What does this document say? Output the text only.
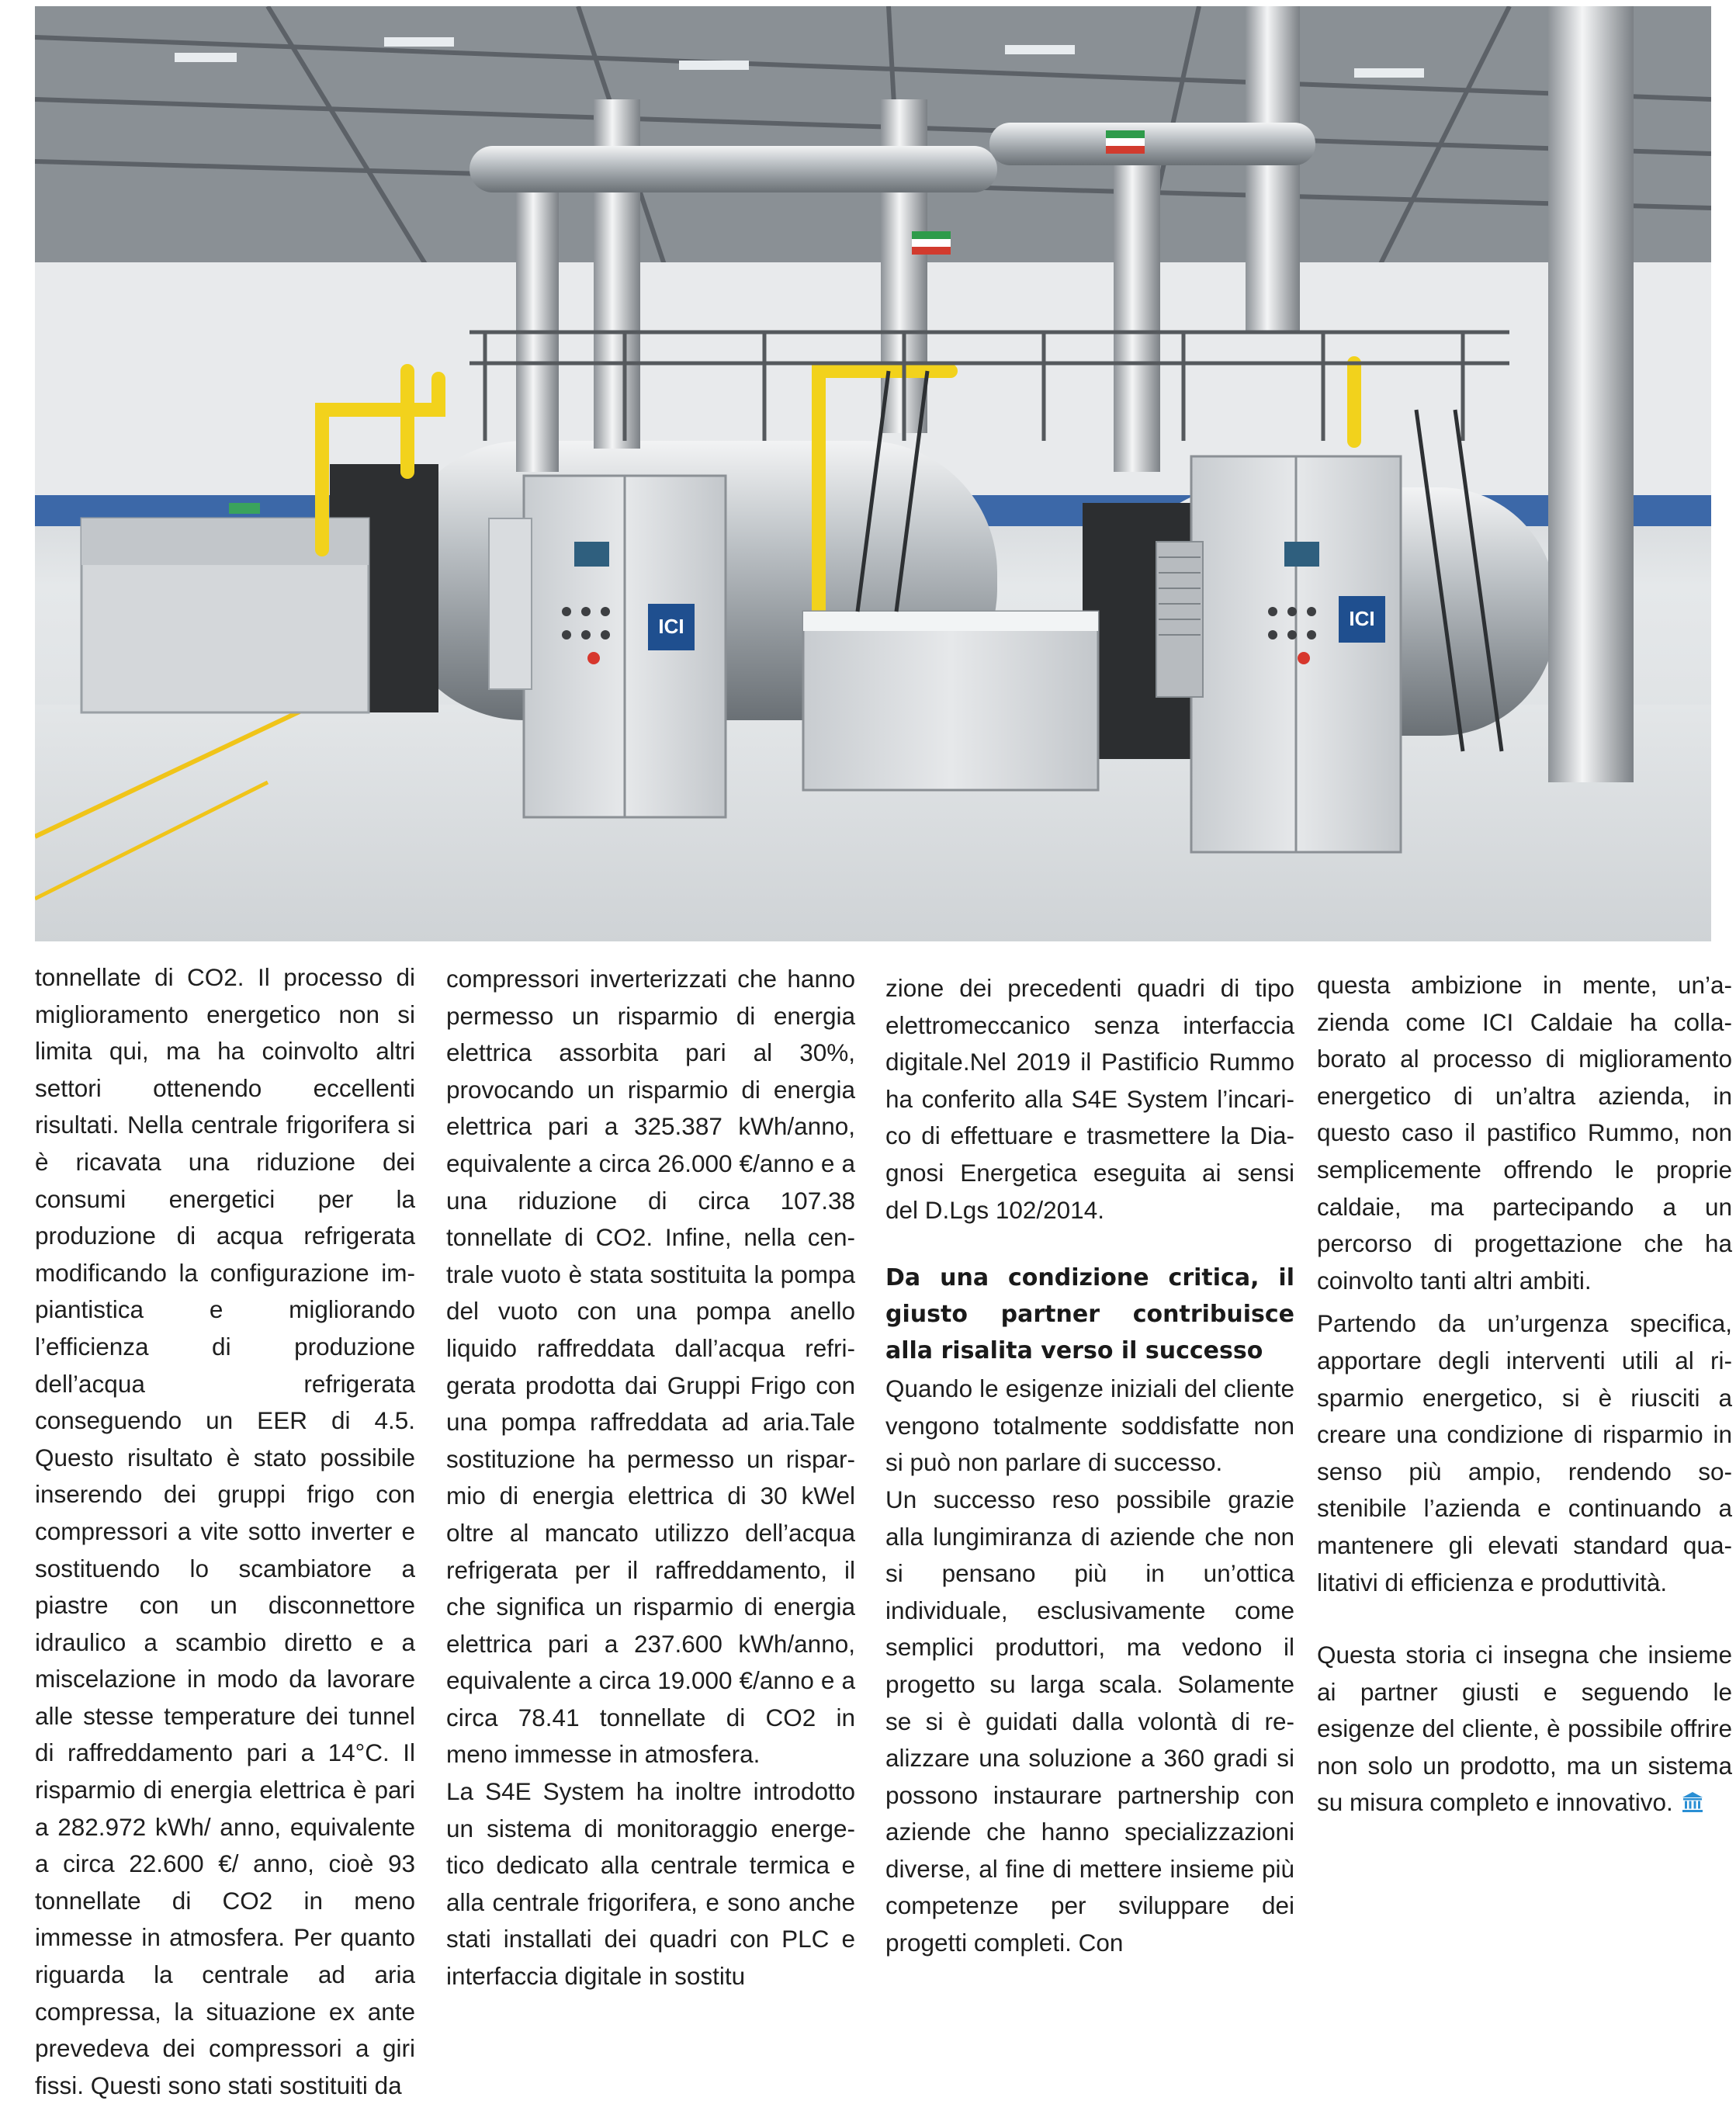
ICI	ICI

tonnellate di CO2. Il processo di miglioramento energetico non si limita qui, ma ha coinvolto altri settori ottenendo eccellenti risultati. Nella centrale frigorifera si è ricavata una riduzione dei consumi energetici per la produzione di acqua refrigerata modificando la configurazione impiantistica e migliorando l’efficienza di produzione dell’acqua refrigerata conseguendo un EER di 4.5. Questo risultato è stato possibile inserendo dei gruppi frigo con compressori a vite sotto inverter e sostituendo lo scambiatore a piastre con un disconnettore idraulico a scambio diretto e a miscelazione in modo da lavorare alle stesse temperature dei tunnel di raffreddamento pari a 14°C. Il risparmio di energia elettrica è pari a 282.972 kWh/ anno, equivalente a circa 22.600 €/ anno, cioè 93 tonnellate di CO2 in meno immesse in atmosfera. Per quanto riguarda la centrale ad aria compressa, la situazione ex ante prevedeva dei compressori a giri fissi. Questi sono stati sostituiti da

compressori inverterizzati che hanno permesso un risparmio di energia elettrica assorbita pari al 30%, provocando un risparmio di energia elettrica pari a 325.387 kWh/anno, equivalente a circa 26.000 €/anno e a una riduzione di circa 107.38 tonnellate di CO2. Infine, nella centrale vuoto è stata sostituita la pompa del vuoto con una pompa anello liquido raffreddata dall’acqua refrigerata prodotta dai Gruppi Frigo con una pompa raffreddata ad aria.Tale sostituzione ha permesso un risparmio di energia elettrica di 30 kWel oltre al mancato utilizzo dell’acqua refrigerata per il raffreddamento, il che significa un risparmio di energia elettrica pari a 237.600 kWh/anno, equivalente a circa 19.000 €/anno e a circa 78.41 tonnellate di CO2 in meno immesse in atmosfera.

La S4E System ha inoltre introdotto un sistema di monitoraggio energetico dedicato alla centrale termica e alla centrale frigorifera, e sono anche stati installati dei quadri con PLC e interfaccia digitale in sostitu

zione dei precedenti quadri di tipo elettromeccanico senza interfaccia digitale.Nel 2019 il Pastificio Rummo ha conferito alla S4E System l’incarico di effettuare e trasmettere la Diagnosi Energetica eseguita ai sensi del D.Lgs 102/2014.

Da una condizione critica, il giusto partner contribuisce alla risalita verso il successo

Quando le esigenze iniziali del cliente vengono totalmente soddisfatte non si può non parlare di successo.

Un successo reso possibile grazie alla lungimiranza di aziende che non si pensano più in un’ottica individuale, esclusivamente come semplici produttori, ma vedono il progetto su larga scala. Solamente se si è guidati dalla volontà di realizzare una soluzione a 360 gradi si possono instaurare partnership con aziende che hanno specializzazioni diverse, al fine di mettere insieme più competenze per sviluppare dei progetti completi. Con

questa ambizione in mente, un’azienda come ICI Caldaie ha collaborato al processo di miglioramento energetico di un’altra azienda, in questo caso il pastifico Rummo, non semplicemente offrendo le proprie caldaie, ma partecipando a un percorso di progettazione che ha coinvolto tanti altri ambiti.

Partendo da un’urgenza specifica, apportare degli interventi utili al risparmio energetico, si è riusciti a creare una condizione di risparmio in senso più ampio, rendendo sostenibile l’azienda e continuando a mantenere gli elevati standard qualitativi di efficienza e produttività.

Questa storia ci insegna che insieme ai partner giusti e seguendo le esigenze del cliente, è possibile offrire non solo un prodotto, ma un sistema su misura completo e innovativo.
